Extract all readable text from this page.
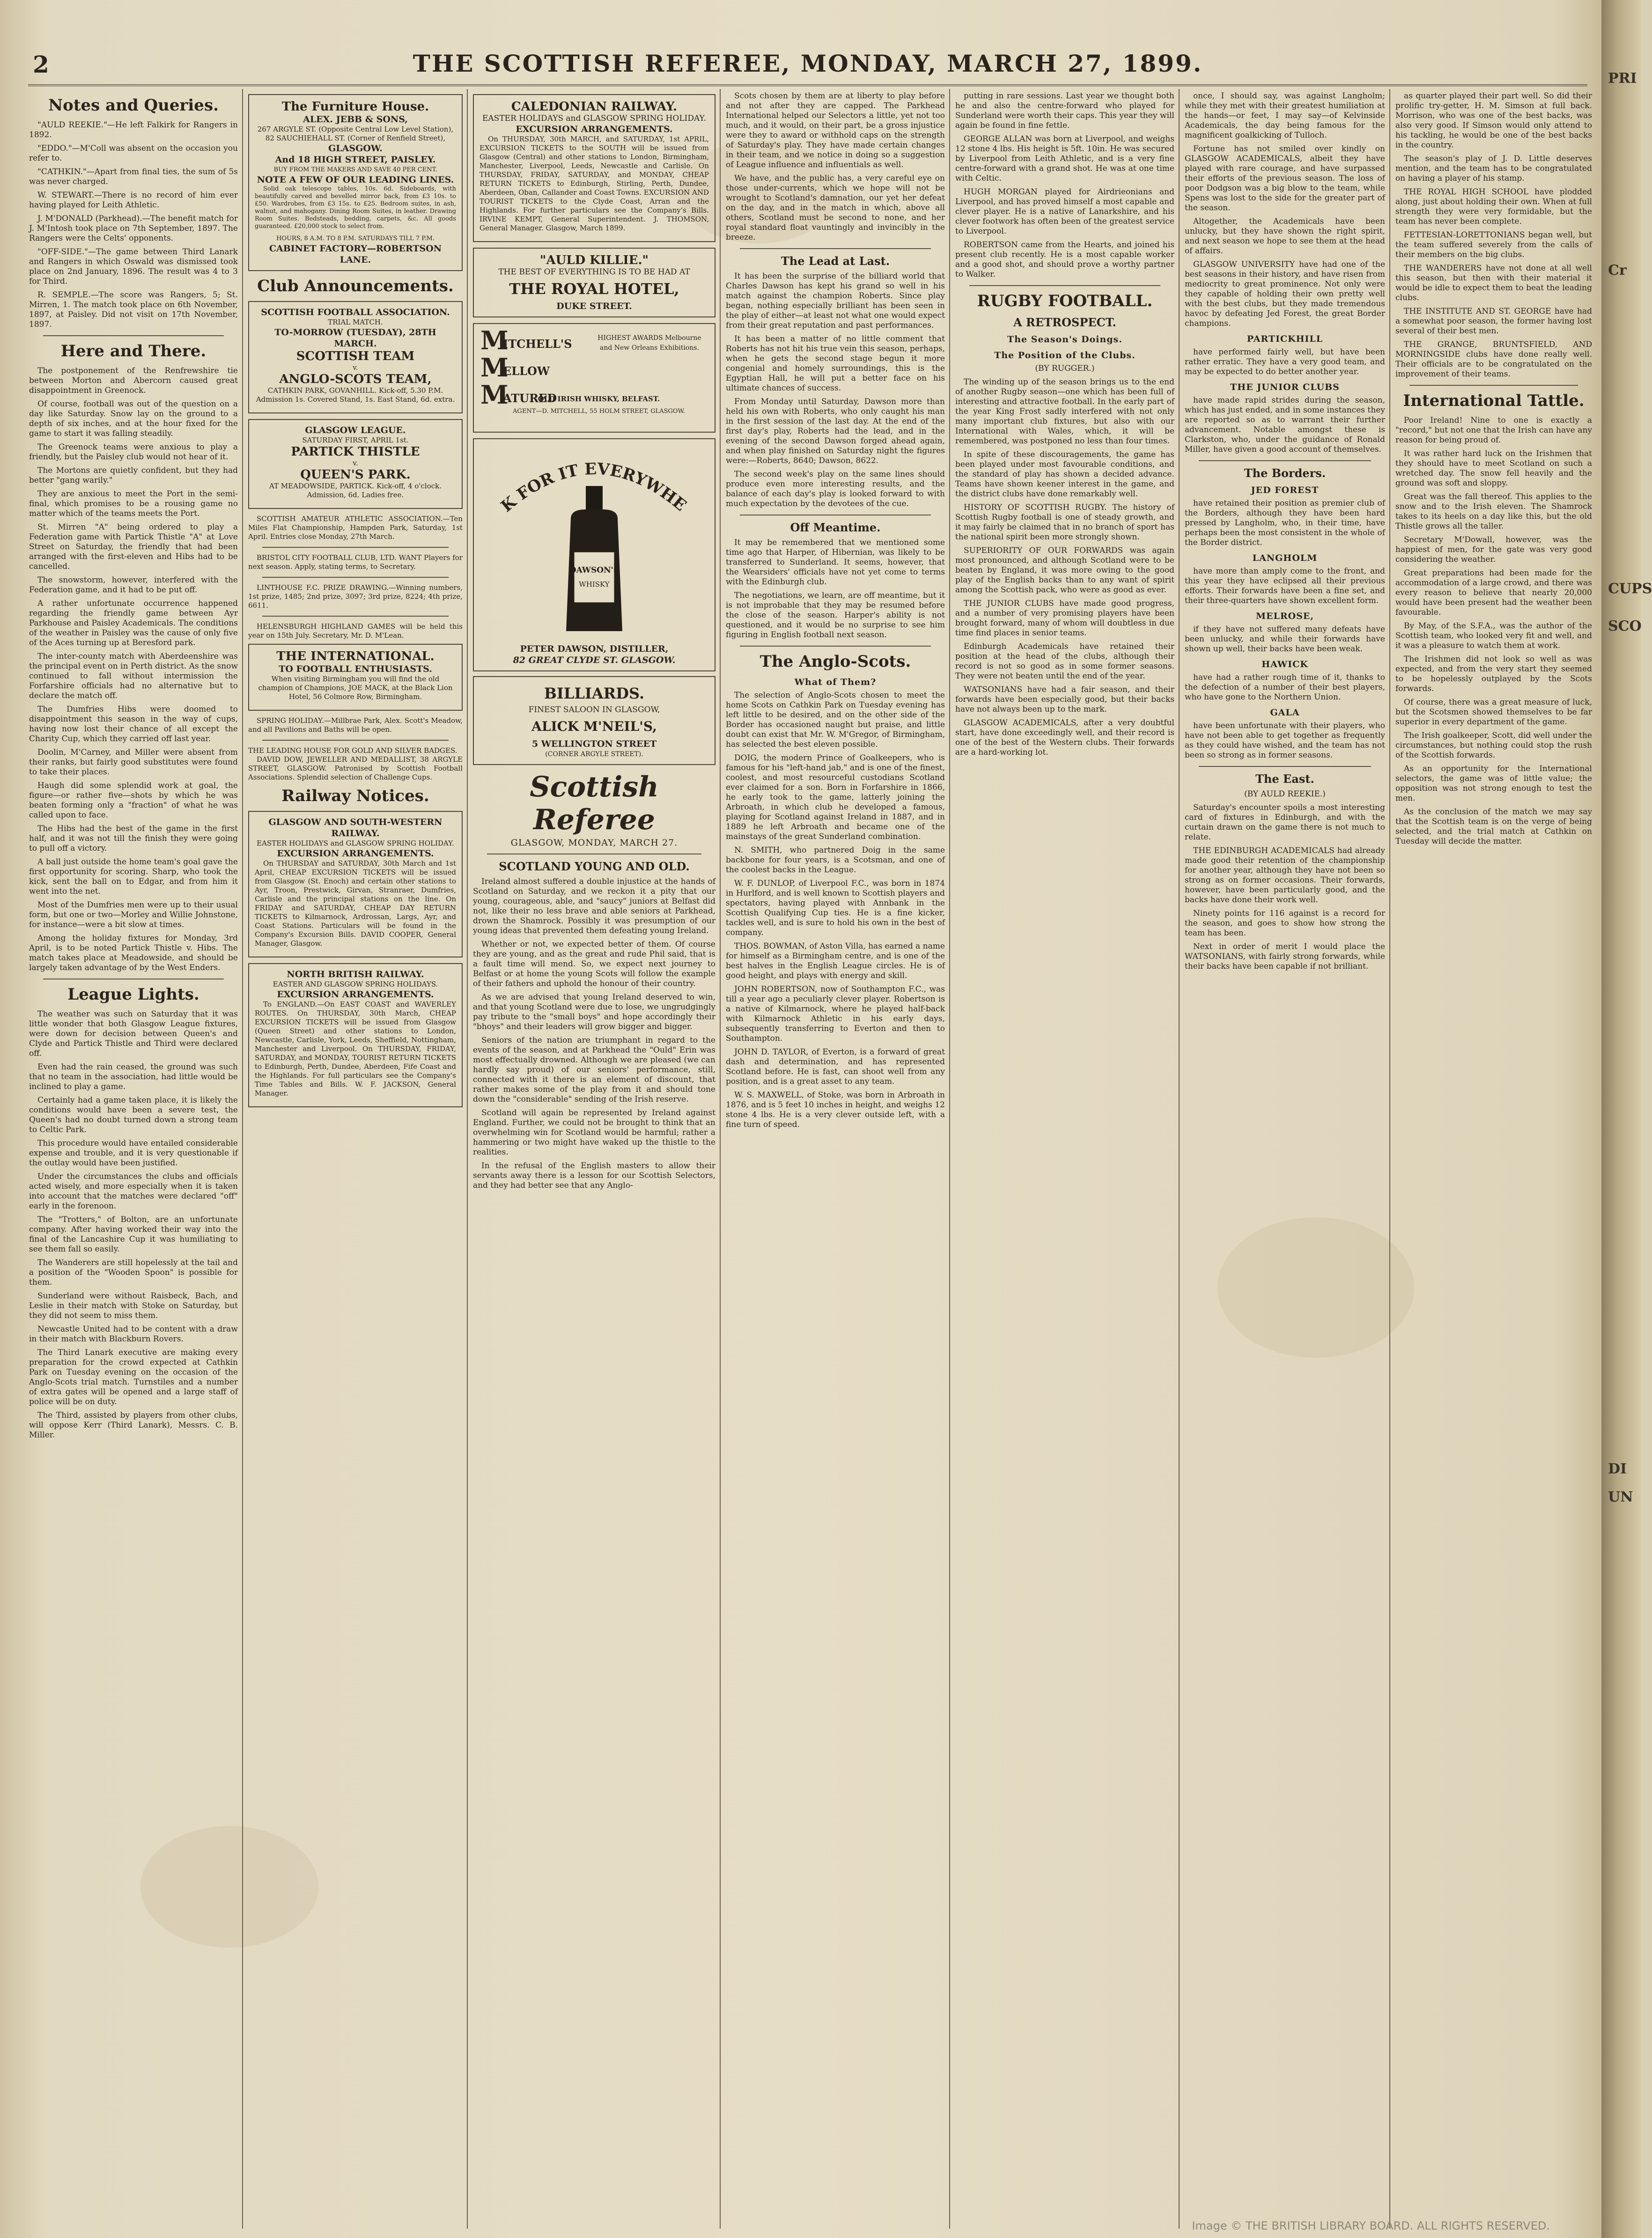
2	THE SCOTTISH REFEREE, MONDAY, MARCH 27, 1899.
Notes and Queries.

"AULD REEKIE."—He left Falkirk for Rangers in 1892.

"EDDO."—M'Coll was absent on the occasion you refer to.

"CATHKIN."—Apart from final ties, the sum of 5s was never charged.

W. STEWART.—There is no record of him ever having played for Leith Athletic.

J. M'DONALD (Parkhead).—The benefit match for J. M'Intosh took place on 7th September, 1897. The Rangers were the Celts' opponents.

"OFF-SIDE."—The game between Third Lanark and Rangers in which Oswald was dismissed took place on 2nd January, 1896. The result was 4 to 3 for Third.

R. SEMPLE.—The score was Rangers, 5; St. Mirren, 1. The match took place on 6th November, 1897, at Paisley. Did not visit on 17th November, 1897.

Here and There.

The postponement of the Renfrewshire tie between Morton and Abercorn caused great disappointment in Greenock.

Of course, football was out of the question on a day like Saturday. Snow lay on the ground to a depth of six inches, and at the hour fixed for the game to start it was falling steadily.

The Greenock teams were anxious to play a friendly, but the Paisley club would not hear of it.

The Mortons are quietly confident, but they had better "gang warily."

They are anxious to meet the Port in the semi-final, which promises to be a rousing game no matter which of the teams meets the Port.

St. Mirren "A" being ordered to play a Federation game with Partick Thistle "A" at Love Street on Saturday, the friendly that had been arranged with the first-eleven and Hibs had to be cancelled.

The snowstorm, however, interfered with the Federation game, and it had to be put off.

A rather unfortunate occurrence happened regarding the friendly game between Ayr Parkhouse and Paisley Academicals. The conditions of the weather in Paisley was the cause of only five of the Aces turning up at Beresford park.

The inter-county match with Aberdeenshire was the principal event on in Perth district. As the snow continued to fall without intermission the Forfarshire officials had no alternative but to declare the match off.

The Dumfries Hibs were doomed to disappointment this season in the way of cups, having now lost their chance of all except the Charity Cup, which they carried off last year.

Doolin, M'Carney, and Miller were absent from their ranks, but fairly good substitutes were found to take their places.

Haugh did some splendid work at goal, the figure—or rather five—shots by which he was beaten forming only a "fraction" of what he was called upon to face.

The Hibs had the best of the game in the first half, and it was not till the finish they were going to pull off a victory.

A ball just outside the home team's goal gave the first opportunity for scoring. Sharp, who took the kick, sent the ball on to Edgar, and from him it went into the net.

Most of the Dumfries men were up to their usual form, but one or two—Morley and Willie Johnstone, for instance—were a bit slow at times.

Among the holiday fixtures for Monday, 3rd April, is to be noted Partick Thistle v. Hibs. The match takes place at Meadowside, and should be largely taken advantage of by the West Enders.

League Lights.

The weather was such on Saturday that it was little wonder that both Glasgow League fixtures, were down for decision between Queen's and Clyde and Partick Thistle and Third were declared off.

Even had the rain ceased, the ground was such that no team in the association, had little would be inclined to play a game.

Certainly had a game taken place, it is likely the conditions would have been a severe test, the Queen's had no doubt turned down a strong team to Celtic Park.

This procedure would have entailed considerable expense and trouble, and it is very questionable if the outlay would have been justified.

Under the circumstances the clubs and officials acted wisely, and more especially when it is taken into account that the matches were declared "off" early in the forenoon.

The "Trotters," of Bolton, are an unfortunate company. After having worked their way into the final of the Lancashire Cup it was humiliating to see them fall so easily.

The Wanderers are still hopelessly at the tail and a position of the "Wooden Spoon" is possible for them.

Sunderland were without Raisbeck, Bach, and Leslie in their match with Stoke on Saturday, but they did not seem to miss them.

Newcastle United had to be content with a draw in their match with Blackburn Rovers.

The Third Lanark executive are making every preparation for the crowd expected at Cathkin Park on Tuesday evening on the occasion of the Anglo-Scots trial match. Turnstiles and a number of extra gates will be opened and a large staff of police will be on duty.

The Third, assisted by players from other clubs, will oppose Kerr (Third Lanark), Messrs. C. B. Miller.

The Furniture House.
ALEX. JEBB & SONS,
267 ARGYLE ST. (Opposite Central Low Level Station),
82 SAUCHIEHALL ST. (Corner of Renfield Street),
GLASGOW.
And 18 HIGH STREET, PAISLEY.
BUY FROM THE MAKERS AND SAVE 40 PER CENT.
NOTE A FEW OF OUR LEADING LINES.

Solid oak telescope tables, 10s. 6d. Sideboards, with beautifully carved and bevelled mirror back, from £3 10s. to £50. Wardrobes, from £3 15s. to £25. Bedroom suites, in ash, walnut, and mahogany. Dining Room Suites, in leather. Drawing Room Suites. Bedsteads, bedding, carpets, &c. All goods guaranteed. £20,000 stock to select from.

HOURS, 8 A.M. TO 8 P.M. SATURDAYS TILL 7 P.M.
CABINET FACTORY—ROBERTSON LANE.
Club Announcements.
SCOTTISH FOOTBALL ASSOCIATION.
TRIAL MATCH.
TO-MORROW (TUESDAY), 28TH MARCH.
SCOTTISH TEAM
v.
ANGLO-SCOTS TEAM,

CATHKIN PARK, GOVANHILL. Kick-off, 5.30 P.M. Admission 1s. Covered Stand, 1s. East Stand, 6d. extra.

GLASGOW LEAGUE.
SATURDAY FIRST, APRIL 1st.
PARTICK THISTLE
v.
QUEEN'S PARK.

AT MEADOWSIDE, PARTICK. Kick-off, 4 o'clock. Admission, 6d. Ladies free.

SCOTTISH AMATEUR ATHLETIC ASSOCIATION.—Ten Miles Flat Championship, Hampden Park, Saturday, 1st April. Entries close Monday, 27th March.

BRISTOL CITY FOOTBALL CLUB, LTD. WANT Players for next season. Apply, stating terms, to Secretary.

LINTHOUSE F.C. PRIZE DRAWING.—Winning numbers, 1st prize, 1485; 2nd prize, 3097; 3rd prize, 8224; 4th prize, 6611.

HELENSBURGH HIGHLAND GAMES will be held this year on 15th July. Secretary, Mr. D. M'Lean.

THE INTERNATIONAL.
TO FOOTBALL ENTHUSIASTS.

When visiting Birmingham you will find the old champion of Champions, JOE MACK, at the Black Lion Hotel, 56 Colmore Row, Birmingham.

SPRING HOLIDAY.—Millbrae Park, Alex. Scott's Meadow, and all Pavilions and Baths will be open.

THE LEADING HOUSE FOR GOLD AND SILVER BADGES.

DAVID DOW, JEWELLER AND MEDALLIST, 38 ARGYLE STREET, GLASGOW. Patronised by Scottish Football Associations. Splendid selection of Challenge Cups.

Railway Notices.
GLASGOW AND SOUTH-WESTERN RAILWAY.
EASTER HOLIDAYS and GLASGOW SPRING HOLIDAY.
EXCURSION ARRANGEMENTS.

On THURSDAY and SATURDAY, 30th March and 1st April, CHEAP EXCURSION TICKETS will be issued from Glasgow (St. Enoch) and certain other stations to Ayr, Troon, Prestwick, Girvan, Stranraer, Dumfries, Carlisle and the principal stations on the line. On FRIDAY and SATURDAY, CHEAP DAY RETURN TICKETS to Kilmarnock, Ardrossan, Largs, Ayr, and Coast Stations. Particulars will be found in the Company's Excursion Bills. DAVID COOPER, General Manager, Glasgow.

NORTH BRITISH RAILWAY.
EASTER AND GLASGOW SPRING HOLIDAYS.
EXCURSION ARRANGEMENTS.

To ENGLAND.—On EAST COAST and WAVERLEY ROUTES. On THURSDAY, 30th March, CHEAP EXCURSION TICKETS will be issued from Glasgow (Queen Street) and other stations to London, Newcastle, Carlisle, York, Leeds, Sheffield, Nottingham, Manchester and Liverpool. On THURSDAY, FRIDAY, SATURDAY, and MONDAY, TOURIST RETURN TICKETS to Edinburgh, Perth, Dundee, Aberdeen, Fife Coast and the Highlands. For full particulars see the Company's Time Tables and Bills. W. F. JACKSON, General Manager.

CALEDONIAN RAILWAY.
EASTER HOLIDAYS and GLASGOW SPRING HOLIDAY.
EXCURSION ARRANGEMENTS.

On THURSDAY, 30th MARCH, and SATURDAY, 1st APRIL, EXCURSION TICKETS to the SOUTH will be issued from Glasgow (Central) and other stations to London, Birmingham, Manchester, Liverpool, Leeds, Newcastle and Carlisle. On THURSDAY, FRIDAY, SATURDAY, and MONDAY, CHEAP RETURN TICKETS to Edinburgh, Stirling, Perth, Dundee, Aberdeen, Oban, Callander and Coast Towns. EXCURSION AND TOURIST TICKETS to the Clyde Coast, Arran and the Highlands. For further particulars see the Company's Bills. IRVINE KEMPT, General Superintendent. J. THOMSON, General Manager. Glasgow, March 1899.

"AULD KILLIE."
THE BEST OF EVERYTHING IS TO BE HAD AT
THE ROYAL HOTEL,
DUKE STREET.
M
M
M
ITCHELL'S
ELLOW
ATURED
HIGHEST AWARDS Melbourne and New Orleans Exhibitions.
OLD IRISH WHISKY, BELFAST.
AGENT—D. MITCHELL, 55 HOLM STREET, GLASGOW.
K FOR IT EVERYWHE
DAWSON'S
WHISKY
PETER DAWSON, DISTILLER,
82 GREAT CLYDE ST. GLASGOW.
BILLIARDS.
FINEST SALOON IN GLASGOW,
ALICK M'NEIL'S,
5 WELLINGTON STREET
(CORNER ARGYLE STREET).
Scottish Referee
GLASGOW, MONDAY, MARCH 27.
SCOTLAND YOUNG AND OLD.

Ireland almost suffered a double injustice at the hands of Scotland on Saturday, and we reckon it a pity that our young, courageous, able, and "saucy" juniors at Belfast did not, like their no less brave and able seniors at Parkhead, drown the Shamrock. Possibly it was presumption of our young ideas that prevented them defeating young Ireland.

Whether or not, we expected better of them. Of course they are young, and as the great and rude Phil said, that is a fault time will mend. So, we expect next journey to Belfast or at home the young Scots will follow the example of their fathers and uphold the honour of their country.

As we are advised that young Ireland deserved to win, and that young Scotland were due to lose, we ungrudgingly pay tribute to the "small boys" and hope accordingly their "bhoys" and their leaders will grow bigger and bigger.

Seniors of the nation are triumphant in regard to the events of the season, and at Parkhead the "Ould" Erin was most effectually drowned. Although we are pleased (we can hardly say proud) of our seniors' performance, still, connected with it there is an element of discount, that rather makes some of the play from it and should tone down the "considerable" sending of the Irish reserve.

Scotland will again be represented by Ireland against England. Further, we could not be brought to think that an overwhelming win for Scotland would be harmful; rather a hammering or two might have waked up the thistle to the realities.

In the refusal of the English masters to allow their servants away there is a lesson for our Scottish Selectors, and they had better see that any Anglo-

Scots chosen by them are at liberty to play before and not after they are capped. The Parkhead International helped our Selectors a little, yet not too much, and it would, on their part, be a gross injustice were they to award or withhold caps on the strength of Saturday's play. They have made certain changes in their team, and we notice in doing so a suggestion of League influence and influentials as well.

We have, and the public has, a very careful eye on those under-currents, which we hope will not be wrought to Scotland's damnation, our yet her defeat on the day, and in the match in which, above all others, Scotland must be second to none, and her royal standard float vauntingly and invincibly in the breeze.

The Lead at Last.

It has been the surprise of the billiard world that Charles Dawson has kept his grand so well in his match against the champion Roberts. Since play began, nothing especially brilliant has been seen in the play of either—at least not what one would expect from their great reputation and past performances.

It has been a matter of no little comment that Roberts has not hit his true vein this season, perhaps, when he gets the second stage begun it more congenial and homely surroundings, this is the Egyptian Hall, he will put a better face on his ultimate chances of success.

From Monday until Saturday, Dawson more than held his own with Roberts, who only caught his man in the first session of the last day. At the end of the first day's play, Roberts had the lead, and in the evening of the second Dawson forged ahead again, and when play finished on Saturday night the figures were:—Roberts, 8640; Dawson, 8622.

The second week's play on the same lines should produce even more interesting results, and the balance of each day's play is looked forward to with much expectation by the devotees of the cue.

Off Meantime.

It may be remembered that we mentioned some time ago that Harper, of Hibernian, was likely to be transferred to Sunderland. It seems, however, that the Wearsiders' officials have not yet come to terms with the Edinburgh club.

The negotiations, we learn, are off meantime, but it is not improbable that they may be resumed before the close of the season. Harper's ability is not questioned, and it would be no surprise to see him figuring in English football next season.

The Anglo-Scots.
What of Them?

The selection of Anglo-Scots chosen to meet the home Scots on Cathkin Park on Tuesday evening has left little to be desired, and on the other side of the Border has occasioned naught but praise, and little doubt can exist that Mr. W. M'Gregor, of Birmingham, has selected the best eleven possible.

DOIG, the modern Prince of Goalkeepers, who is famous for his "left-hand jab," and is one of the finest, coolest, and most resourceful custodians Scotland ever claimed for a son. Born in Forfarshire in 1866, he early took to the game, latterly joining the Arbroath, in which club he developed a famous, playing for Scotland against Ireland in 1887, and in 1889 he left Arbroath and became one of the mainstays of the great Sunderland combination.

N. SMITH, who partnered Doig in the same backbone for four years, is a Scotsman, and one of the coolest backs in the League.

W. F. DUNLOP, of Liverpool F.C., was born in 1874 in Hurlford, and is well known to Scottish players and spectators, having played with Annbank in the Scottish Qualifying Cup ties. He is a fine kicker, tackles well, and is sure to hold his own in the best of company.

THOS. BOWMAN, of Aston Villa, has earned a name for himself as a Birmingham centre, and is one of the best halves in the English League circles. He is of good height, and plays with energy and skill.

JOHN ROBERTSON, now of Southampton F.C., was till a year ago a peculiarly clever player. Robertson is a native of Kilmarnock, where he played half-back with Kilmarnock Athletic in his early days, subsequently transferring to Everton and then to Southampton.

JOHN D. TAYLOR, of Everton, is a forward of great dash and determination, and has represented Scotland before. He is fast, can shoot well from any position, and is a great asset to any team.

W. S. MAXWELL, of Stoke, was born in Arbroath in 1876, and is 5 feet 10 inches in height, and weighs 12 stone 4 lbs. He is a very clever outside left, with a fine turn of speed.

putting in rare sessions. Last year we thought both he and also the centre-forward who played for Sunderland were worth their caps. This year they will again be found in fine fettle.

GEORGE ALLAN was born at Liverpool, and weighs 12 stone 4 lbs. His height is 5ft. 10in. He was secured by Liverpool from Leith Athletic, and is a very fine centre-forward with a grand shot. He was at one time with Celtic.

HUGH MORGAN played for Airdrieonians and Liverpool, and has proved himself a most capable and clever player. He is a native of Lanarkshire, and his clever footwork has often been of the greatest service to Liverpool.

ROBERTSON came from the Hearts, and joined his present club recently. He is a most capable worker and a good shot, and should prove a worthy partner to Walker.

RUGBY FOOTBALL.
A RETROSPECT.
The Season's Doings.
The Position of the Clubs.
(BY RUGGER.)

The winding up of the season brings us to the end of another Rugby season—one which has been full of interesting and attractive football. In the early part of the year King Frost sadly interfered with not only many important club fixtures, but also with our International with Wales, which, it will be remembered, was postponed no less than four times.

In spite of these discouragements, the game has been played under most favourable conditions, and the standard of play has shown a decided advance. Teams have shown keener interest in the game, and the district clubs have done remarkably well.

HISTORY OF SCOTTISH RUGBY. The history of Scottish Rugby football is one of steady growth, and it may fairly be claimed that in no branch of sport has the national spirit been more strongly shown.

SUPERIORITY OF OUR FORWARDS was again most pronounced, and although Scotland were to be beaten by England, it was more owing to the good play of the English backs than to any want of spirit among the Scottish pack, who were as good as ever.

THE JUNIOR CLUBS have made good progress, and a number of very promising players have been brought forward, many of whom will doubtless in due time find places in senior teams.

Edinburgh Academicals have retained their position at the head of the clubs, although their record is not so good as in some former seasons. They were not beaten until the end of the year.

WATSONIANS have had a fair season, and their forwards have been especially good, but their backs have not always been up to the mark.

GLASGOW ACADEMICALS, after a very doubtful start, have done exceedingly well, and their record is one of the best of the Western clubs. Their forwards are a hard-working lot.

once, I should say, was against Langholm; while they met with their greatest humiliation at the hands—or feet, I may say—of Kelvinside Academicals, the day being famous for the magnificent goalkicking of Tulloch.

Fortune has not smiled over kindly on GLASGOW ACADEMICALS, albeit they have played with rare courage, and have surpassed their efforts of the previous season. The loss of poor Dodgson was a big blow to the team, while Spens was lost to the side for the greater part of the season.

Altogether, the Academicals have been unlucky, but they have shown the right spirit, and next season we hope to see them at the head of affairs.

GLASGOW UNIVERSITY have had one of the best seasons in their history, and have risen from mediocrity to great prominence. Not only were they capable of holding their own pretty well with the best clubs, but they made tremendous havoc by defeating Jed Forest, the great Border champions.

PARTICKHILL

have performed fairly well, but have been rather erratic. They have a very good team, and may be expected to do better another year.

THE JUNIOR CLUBS

have made rapid strides during the season, which has just ended, and in some instances they are reported so as to warrant their further advancement. Notable amongst these is Clarkston, who, under the guidance of Ronald Miller, have given a good account of themselves.

The Borders.
JED FOREST

have retained their position as premier club of the Borders, although they have been hard pressed by Langholm, who, in their time, have perhaps been the most consistent in the whole of the Border district.

LANGHOLM

have more than amply come to the front, and this year they have eclipsed all their previous efforts. Their forwards have been a fine set, and their three-quarters have shown excellent form.

MELROSE,

if they have not suffered many defeats have been unlucky, and while their forwards have shown up well, their backs have been weak.

HAWICK

have had a rather rough time of it, thanks to the defection of a number of their best players, who have gone to the Northern Union.

GALA

have been unfortunate with their players, who have not been able to get together as frequently as they could have wished, and the team has not been so strong as in former seasons.

The East.
(BY AULD REEKIE.)

Saturday's encounter spoils a most interesting card of fixtures in Edinburgh, and with the curtain drawn on the game there is not much to relate.

THE EDINBURGH ACADEMICALS had already made good their retention of the championship for another year, although they have not been so strong as on former occasions. Their forwards, however, have been particularly good, and the backs have done their work well.

Ninety points for 116 against is a record for the season, and goes to show how strong the team has been.

Next in order of merit I would place the WATSONIANS, with fairly strong forwards, while their backs have been capable if not brilliant.

as quarter played their part well. So did their prolific try-getter, H. M. Simson at full back. Morrison, who was one of the best backs, was also very good. If Simson would only attend to his tackling, he would be one of the best backs in the country.

The season's play of J. D. Little deserves mention, and the team has to be congratulated on having a player of his stamp.

THE ROYAL HIGH SCHOOL have plodded along, just about holding their own. When at full strength they were very formidable, but the team has never been complete.

FETTESIAN-LORETTONIANS began well, but the team suffered severely from the calls of their members on the big clubs.

THE WANDERERS have not done at all well this season, but then with their material it would be idle to expect them to beat the leading clubs.

THE INSTITUTE AND ST. GEORGE have had a somewhat poor season, the former having lost several of their best men.

THE GRANGE, BRUNTSFIELD, AND MORNINGSIDE clubs have done really well. Their officials are to be congratulated on the improvement of their teams.

International Tattle.

Poor Ireland! Nine to one is exactly a "record," but not one that the Irish can have any reason for being proud of.

It was rather hard luck on the Irishmen that they should have to meet Scotland on such a wretched day. The snow fell heavily and the ground was soft and sloppy.

Great was the fall thereof. This applies to the snow and to the Irish eleven. The Shamrock takes to its heels on a day like this, but the old Thistle grows all the taller.

Secretary M'Dowall, however, was the happiest of men, for the gate was very good considering the weather.

Great preparations had been made for the accommodation of a large crowd, and there was every reason to believe that nearly 20,000 would have been present had the weather been favourable.

By May, of the S.F.A., was the author of the Scottish team, who looked very fit and well, and it was a pleasure to watch them at work.

The Irishmen did not look so well as was expected, and from the very start they seemed to be hopelessly outplayed by the Scots forwards.

Of course, there was a great measure of luck, but the Scotsmen showed themselves to be far superior in every department of the game.

The Irish goalkeeper, Scott, did well under the circumstances, but nothing could stop the rush of the Scottish forwards.

As an opportunity for the International selectors, the game was of little value; the opposition was not strong enough to test the men.

As the conclusion of the match we may say that the Scottish team is on the verge of being selected, and the trial match at Cathkin on Tuesday will decide the matter.

Image © THE BRITISH LIBRARY BOARD. ALL RIGHTS RESERVED.
PRI
Cr
CUPS
SCO
DI
UN
